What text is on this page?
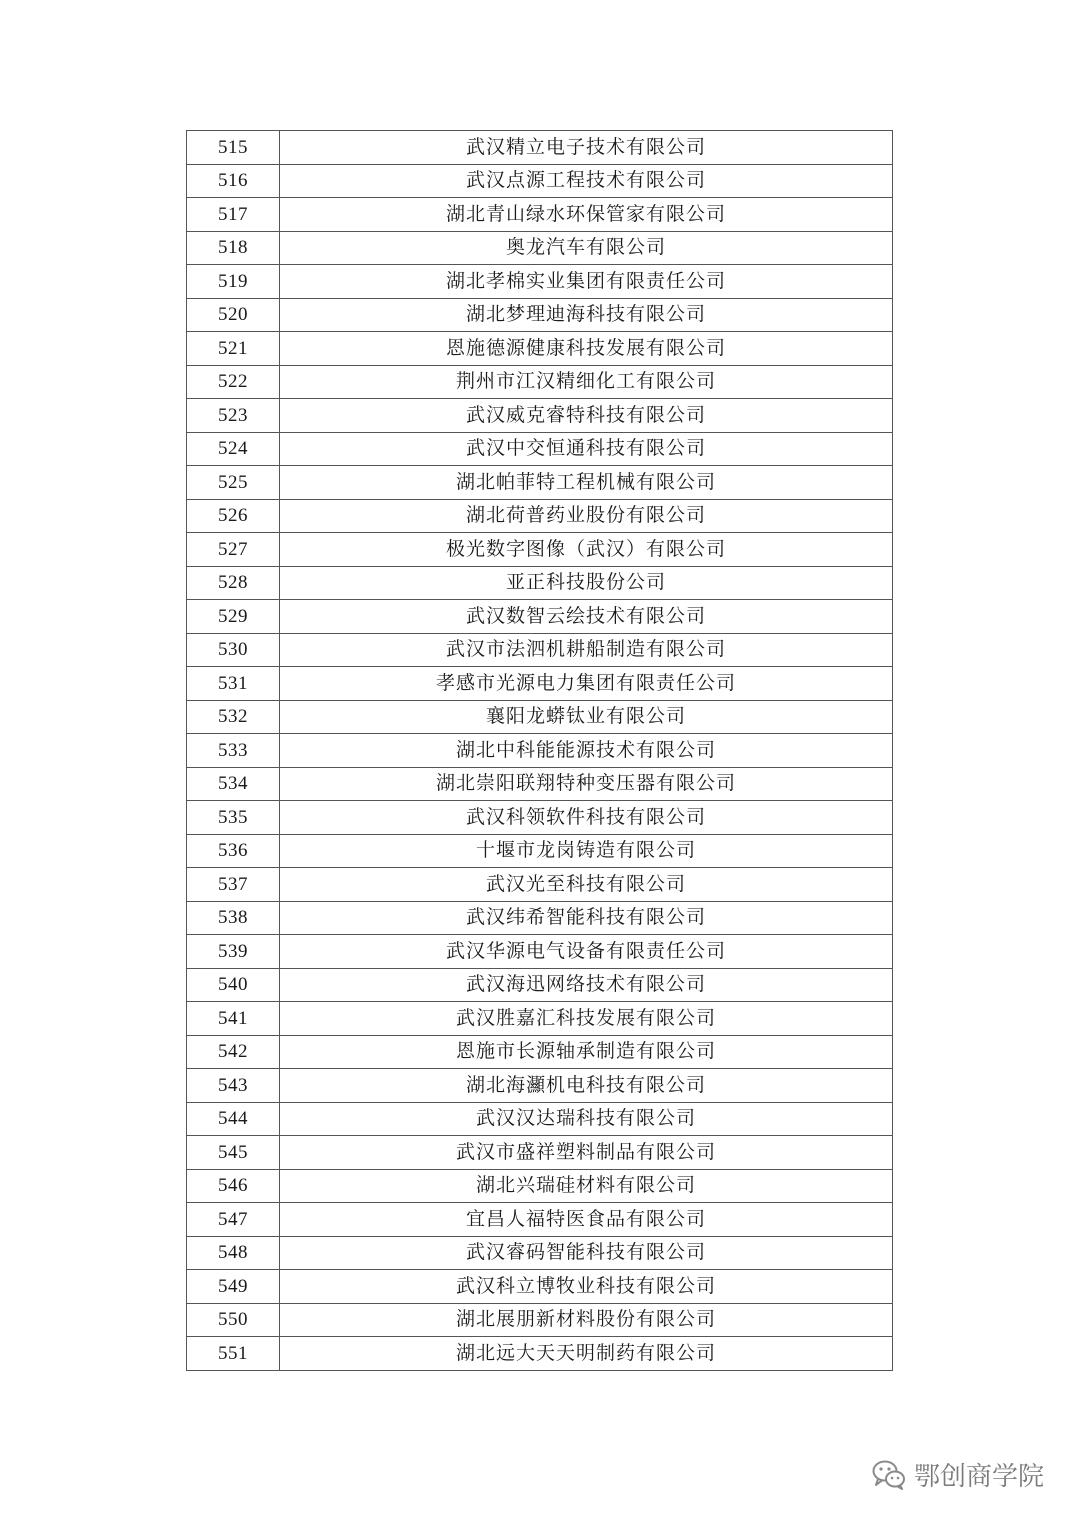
515	武汉精立电子技术有限公司
516	武汉点源工程技术有限公司
517	湖北青山绿水环保管家有限公司
518	奥龙汽车有限公司
519	湖北孝棉实业集团有限责任公司
520	湖北梦理迪海科技有限公司
521	恩施德源健康科技发展有限公司
522	荆州市江汉精细化工有限公司
523	武汉威克睿特科技有限公司
524	武汉中交恒通科技有限公司
525	湖北帕菲特工程机械有限公司
526	湖北荷普药业股份有限公司
527	极光数字图像（武汉）有限公司
528	亚正科技股份公司
529	武汉数智云绘技术有限公司
530	武汉市法泗机耕船制造有限公司
531	孝感市光源电力集团有限责任公司
532	襄阳龙蟒钛业有限公司
533	湖北中科能能源技术有限公司
534	湖北崇阳联翔特种变压器有限公司
535	武汉科领软件科技有限公司
536	十堰市龙岗铸造有限公司
537	武汉光至科技有限公司
538	武汉纬希智能科技有限公司
539	武汉华源电气设备有限责任公司
540	武汉海迅网络技术有限公司
541	武汉胜嘉汇科技发展有限公司
542	恩施市长源轴承制造有限公司
543	湖北海灦机电科技有限公司
544	武汉汉达瑞科技有限公司
545	武汉市盛祥塑料制品有限公司
546	湖北兴瑞硅材料有限公司
547	宜昌人福特医食品有限公司
548	武汉睿码智能科技有限公司
549	武汉科立博牧业科技有限公司
550	湖北展朋新材料股份有限公司
551	湖北远大天天明制药有限公司
鄂创商学院
